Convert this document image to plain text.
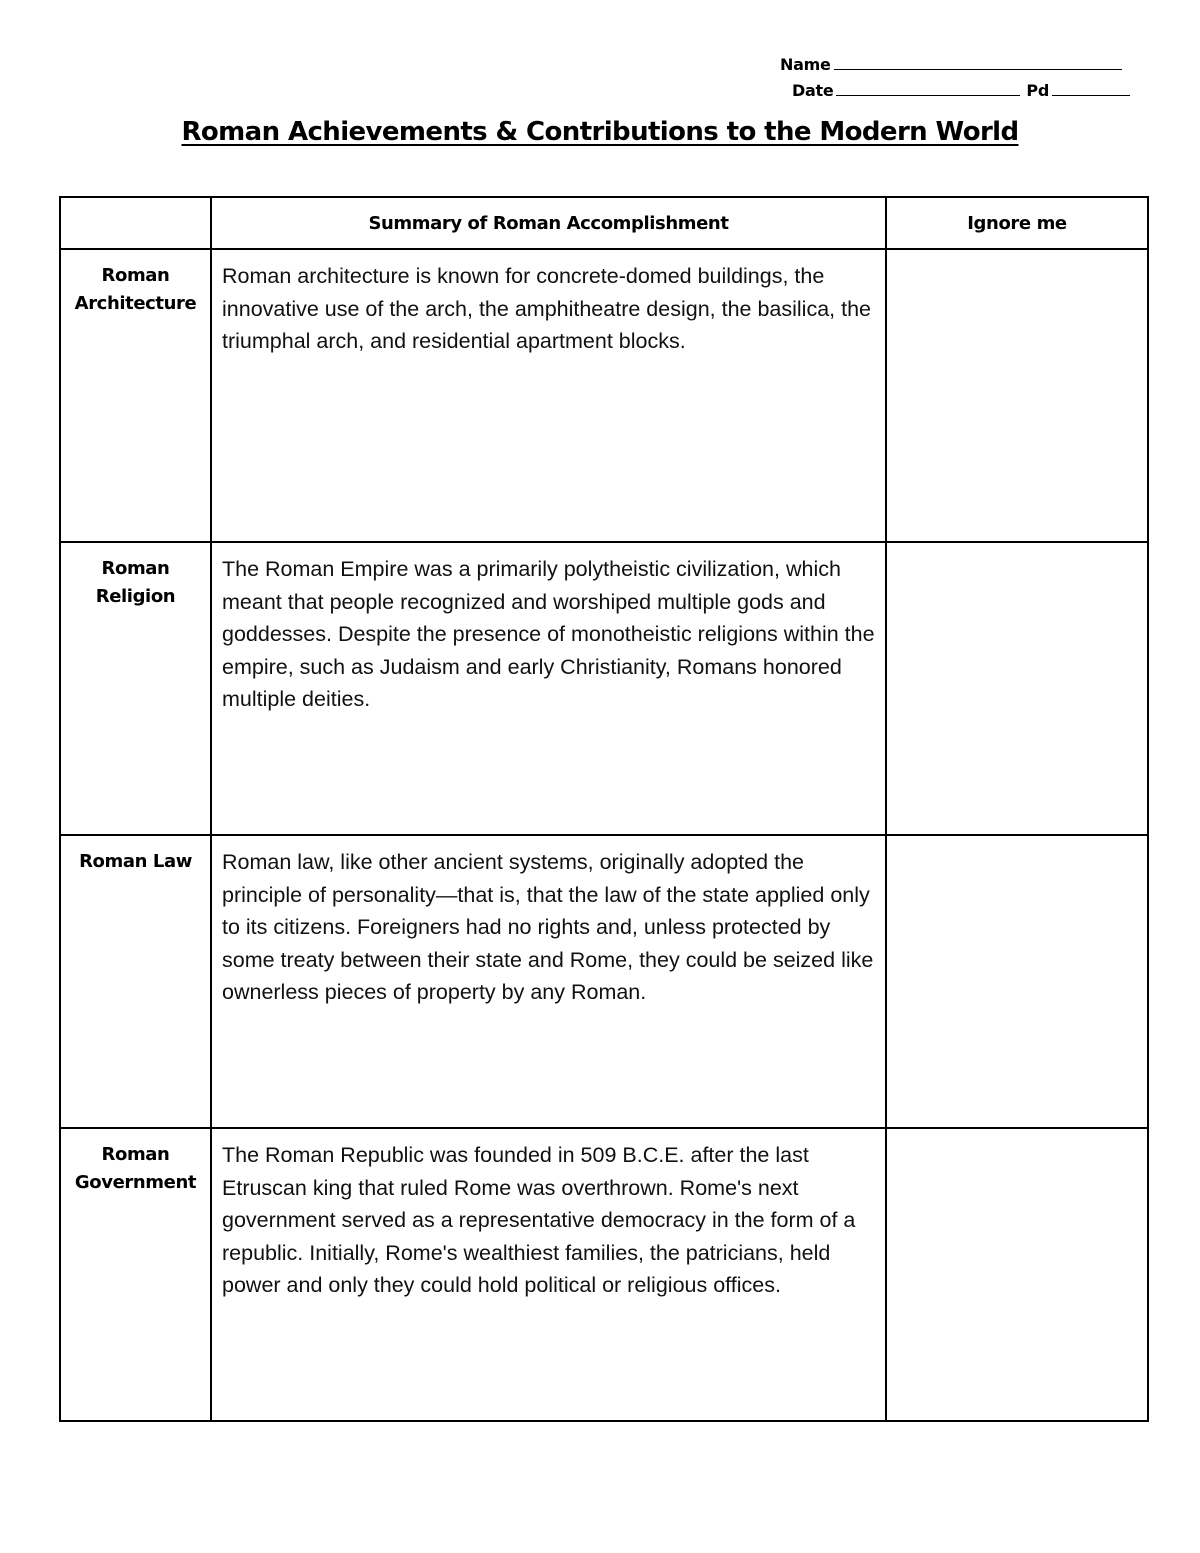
Name
Date	Pd
Roman Achievements & Contributions to the Modern World
	Summary of Roman Accomplishment	Ignore me
Roman Architecture	Roman architecture is known for concrete-domed buildings, the innovative use of the arch, the amphitheatre design, the basilica, the triumphal arch, and residential apartment blocks.	
Roman Religion	The Roman Empire was a primarily polytheistic civilization, which meant that people recognized and worshiped multiple gods and goddesses. Despite the presence of monotheistic religions within the empire, such as Judaism and early Christianity, Romans honored multiple deities.	
Roman Law	Roman law, like other ancient systems, originally adopted the principle of personality—that is, that the law of the state applied only to its citizens. Foreigners had no rights and, unless protected by some treaty between their state and Rome, they could be seized like ownerless pieces of property by any Roman.	
Roman Government	The Roman Republic was founded in 509 B.C.E. after the last Etruscan king that ruled Rome was overthrown. Rome's next government served as a representative democracy in the form of a republic. Initially, Rome's wealthiest families, the patricians, held power and only they could hold political or religious offices.	
